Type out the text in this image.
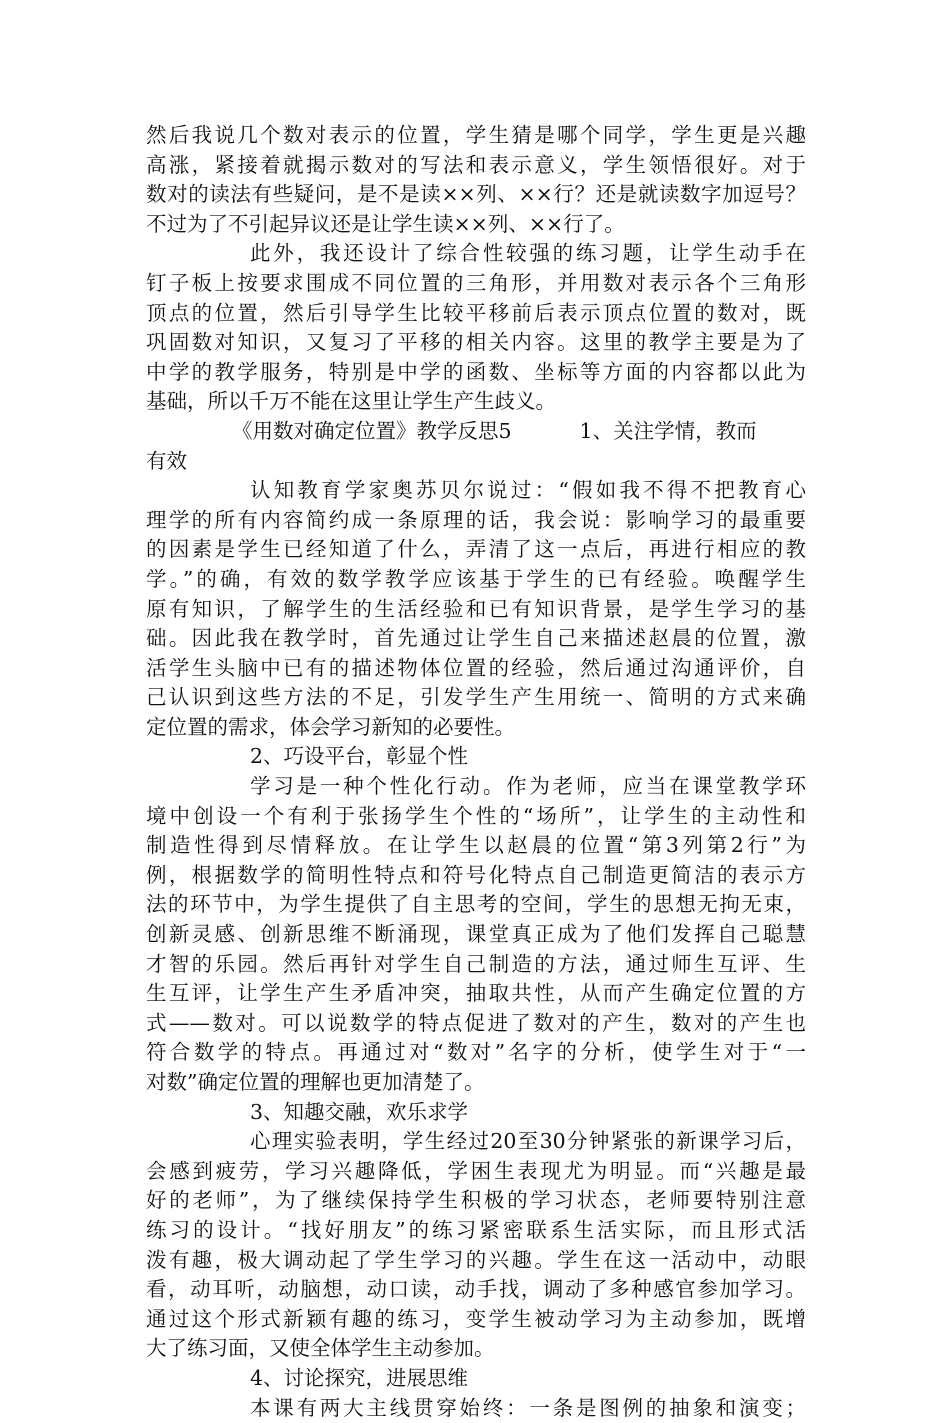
然后我说几个数对表示的位置，学生猜是哪个同学，学生更是兴趣
高涨，紧接着就揭示数对的写法和表示意义，学生领悟很好。对于
数对的读法有些疑问，是不是读××列、××行？还是就读数字加逗号？
不过为了不引起异议还是让学生读××列、××行了。
此外，我还设计了综合性较强的练习题，让学生动手在
钉子板上按要求围成不同位置的三角形，并用数对表示各个三角形
顶点的位置，然后引导学生比较平移前后表示顶点位置的数对，既
巩固数对知识，又复习了平移的相关内容。这里的教学主要是为了
中学的教学服务，特别是中学的函数、坐标等方面的内容都以此为
基础，所以千万不能在这里让学生产生歧义。
《用数对确定位置》教学反思5	1、关注学情，教而
有效
认知教育学家奥苏贝尔说过：“假如我不得不把教育心
理学的所有内容简约成一条原理的话，我会说：影响学习的最重要
的因素是学生已经知道了什么，弄清了这一点后，再进行相应的教
学。”的确，有效的数学教学应该基于学生的已有经验。唤醒学生
原有知识，了解学生的生活经验和已有知识背景，是学生学习的基
础。因此我在教学时，首先通过让学生自己来描述赵晨的位置，激
活学生头脑中已有的描述物体位置的经验，然后通过沟通评价，自
己认识到这些方法的不足，引发学生产生用统一、简明的方式来确
定位置的需求，体会学习新知的必要性。
2、巧设平台，彰显个性
学习是一种个性化行动。作为老师，应当在课堂教学环
境中创设一个有利于张扬学生个性的“场所”，让学生的主动性和
制造性得到尽情释放。在让学生以赵晨的位置“第3列第2行”为
例，根据数学的简明性特点和符号化特点自己制造更简洁的表示方
法的环节中，为学生提供了自主思考的空间，学生的思想无拘无束，
创新灵感、创新思维不断涌现，课堂真正成为了他们发挥自己聪慧
才智的乐园。然后再针对学生自己制造的方法，通过师生互评、生
生互评，让学生产生矛盾冲突，抽取共性，从而产生确定位置的方
式——数对。可以说数学的特点促进了数对的产生，数对的产生也
符合数学的特点。再通过对“数对”名字的分析，使学生对于“一
对数”确定位置的理解也更加清楚了。
3、知趣交融，欢乐求学
心理实验表明，学生经过20至30分钟紧张的新课学习后，
会感到疲劳，学习兴趣降低，学困生表现尤为明显。而“兴趣是最
好的老师”，为了继续保持学生积极的学习状态，老师要特别注意
练习的设计。“找好朋友”的练习紧密联系生活实际，而且形式活
泼有趣，极大调动起了学生学习的兴趣。学生在这一活动中，动眼
看，动耳听，动脑想，动口读，动手找，调动了多种感官参加学习。
通过这个形式新颖有趣的练习，变学生被动学习为主动参加，既增
大了练习面，又使全体学生主动参加。
4、讨论探究，进展思维
本课有两大主线贯穿始终：一条是图例的抽象和演变；
